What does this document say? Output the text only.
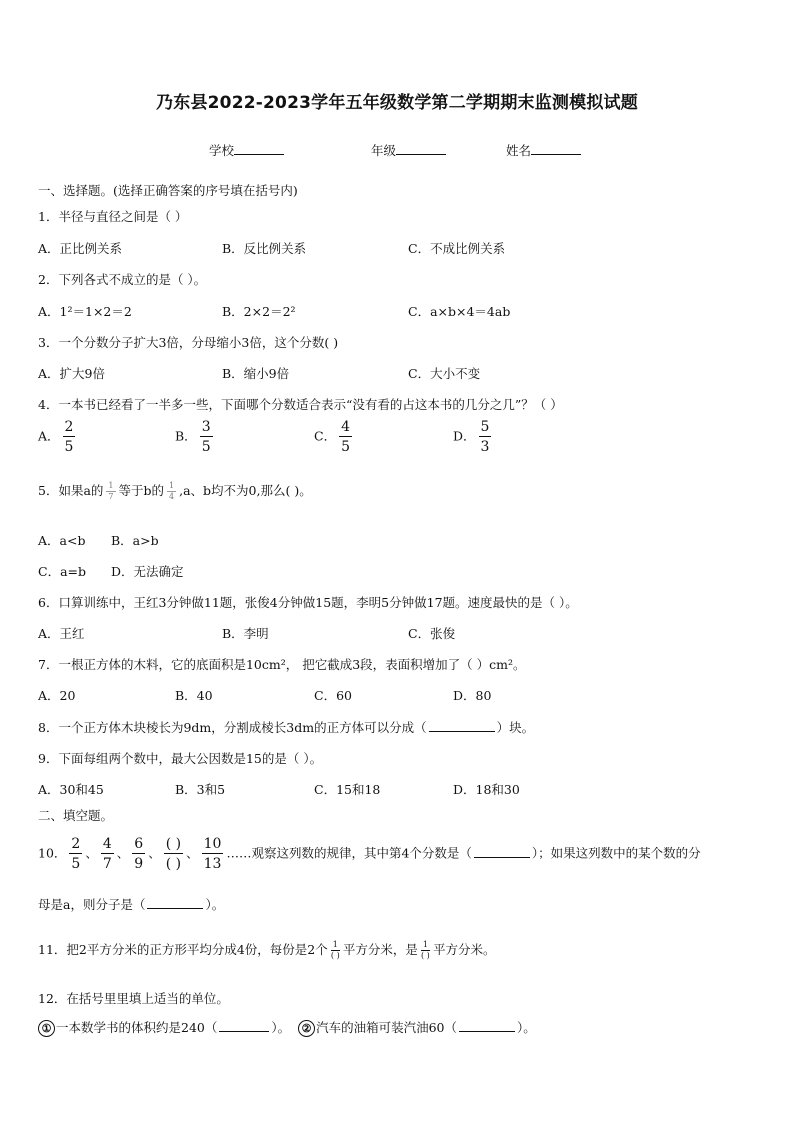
乃东县2022-2023学年五年级数学第二学期期末监测模拟试题
学校	年级	姓名
一、选择题。(选择正确答案的序号填在括号内)
1．半径与直径之间是（ ）
A．正比例关系	B．反比例关系	C．不成比例关系
2．下列各式不成立的是（ ）。
A．1²＝1×2＝2	B．2×2＝2²	C．a×b×4＝4ab
3．一个分数分子扩大3倍，分母缩小3倍，这个分数( )
A．扩大9倍	B．缩小9倍	C．大小不变
4．一本书已经看了一半多一些，下面哪个分数适合表示“没有看的占这本书的几分之几”？（ ）
A． $\frac{2}{5}$	B． $\frac{3}{5}$	C． $\frac{4}{5}$	D． $\frac{5}{3}$
5．如果a的 $\frac{1}{7}$ 等于b的 $\frac{1}{4} ,a$、b均不为0,那么( )。
A．a<b B．a>b
C．a=b D．无法确定
6．口算训练中，王红3分钟做11题，张俊4分钟做15题，李明5分钟做17题。速度最快的是（ ）。
A．王红	B．李明	C．张俊
7．一根正方体的木料，它的底面积是10cm²， 把它截成3段，表面积增加了（ ）cm²。
A．20	B．40	C．60	D．80
8．一个正方体木块棱长为9dm，分割成棱长3dm的正方体可以分成（	）块。
9．下面每组两个数中，最大公因数是15的是（ ）。
A．30和45	B．3和5	C．15和18	D．18和30
二、填空题。
10． $\frac{2}{5}$ 、 $\frac{4}{7}$ 、 $\frac{6}{9}$ 、 $\frac{( )}{( )}$ 、 $\frac{10}{13}$ ……观察这列数的规律，其中第4个分数是（	）；如果这列数中的某个数的分
母是a，则分子是（	）。
11．把2平方分米的正方形平均分成4份，每份是2个 $\frac{1}{( )}$ 平方分米，是 $\frac{1}{( )}$ 平方分米。
12．在括号里里填上适当的单位。
① 一本数学书的体积约是240（	）。 ② 汽车的油箱可装汽油60（	）。
